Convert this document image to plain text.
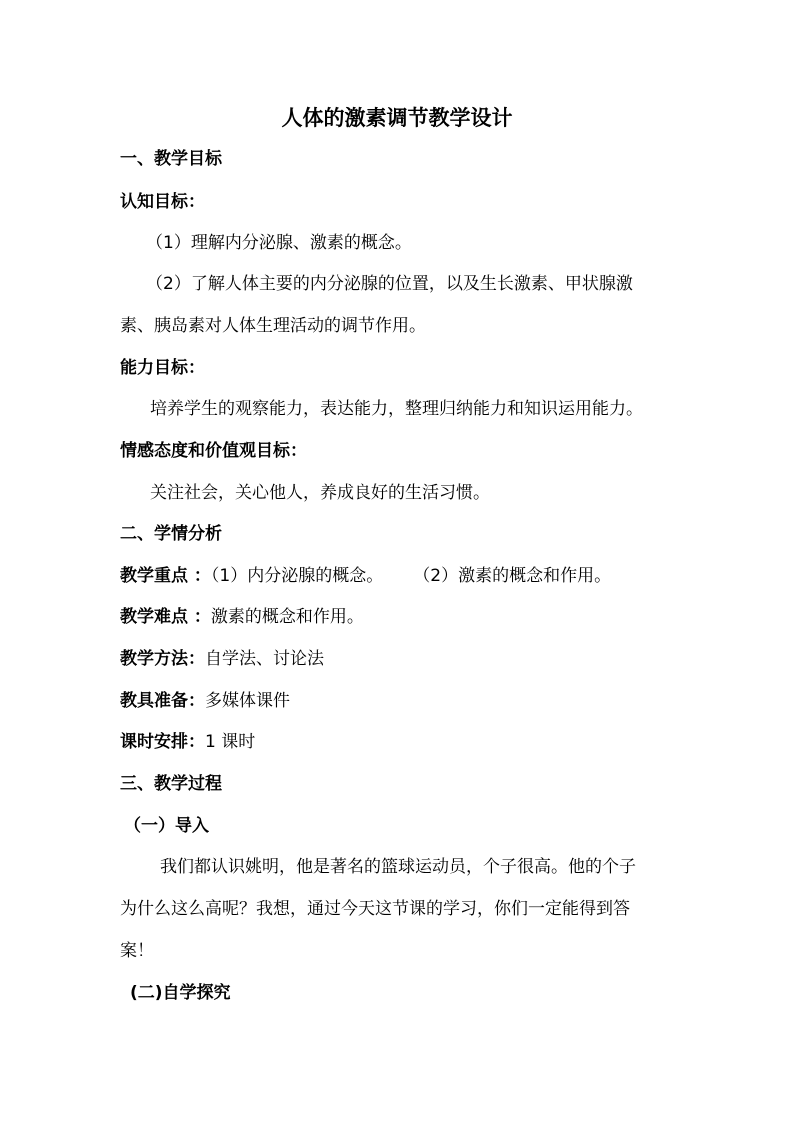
人体的激素调节教学设计
一、教学目标
认知目标：
（1）理解内分泌腺、激素的概念。
（2）了解人体主要的内分泌腺的位置，以及生长激素、甲状腺激
素、胰岛素对人体生理活动的调节作用。
能力目标：
培养学生的观察能力，表达能力，整理归纳能力和知识运用能力。
情感态度和价值观目标：
关注社会，关心他人，养成良好的生活习惯。
二、学情分析
教学重点 ：（1）内分泌腺的概念。 （2）激素的概念和作用。
教学难点 ：激素的概念和作用。
教学方法：自学法、讨论法
教具准备：多媒体课件
课时安排：1 课时
三、教学过程
（一）导入
我们都认识姚明，他是著名的篮球运动员，个子很高。他的个子
为什么这么高呢？我想，通过今天这节课的学习，你们一定能得到答
案！
(二)自学探究
